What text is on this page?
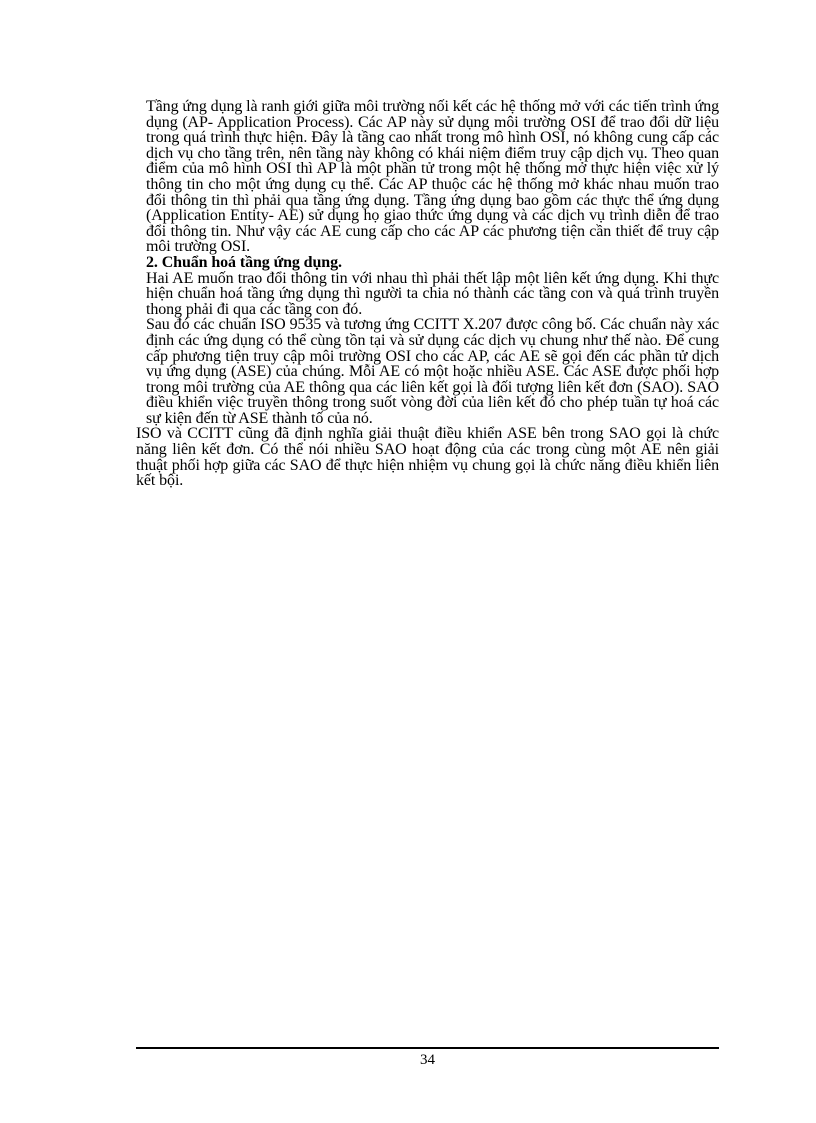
Tầng ứng dụng là ranh giới giữa môi trường nối kết các hệ thống mở với các tiến trình ứng dụng (AP- Application Process). Các AP này sử dụng môi trường OSI để trao đổi dữ liệu trong quá trình thực hiện. Đây là tầng cao nhất trong mô hình OSI, nó không cung cấp các dịch vụ cho tầng trên, nên tầng này không có khái niệm điểm truy cập dịch vụ. Theo quan điểm của mô hình OSI thì AP là một phần tử trong một hệ thống mở thực hiện việc xử lý thông tin cho một ứng dụng cụ thể. Các AP thuộc các hệ thống mở khác nhau muốn trao đổi thông tin thì phải qua tầng ứng dụng. Tầng ứng dụng bao gồm các thực thể ứng dụng (Application Entity- AE) sử dụng họ giao thức ứng dụng và các dịch vụ trình diễn để trao đổi thông tin. Như vậy các AE cung cấp cho các AP các phương tiện cần thiết để truy cập môi trường OSI.

2. Chuẩn hoá tầng ứng dụng.

Hai AE muốn trao đổi thông tin với nhau thì phải thết lập một liên kết ứng dụng. Khi thực hiện chuẩn hoá tầng ứng dụng thì người ta chia nó thành các tầng con và quá trình truyền thong phải đi qua các tầng con đó.

Sau đó các chuẩn ISO 9535 và tương ứng CCITT X.207 được công bố. Các chuẩn này xác định các ứng dụng có thể cùng tồn tại và sử dụng các dịch vụ chung như thế nào. Để cung cấp phương tiện truy cập môi trường OSI cho các AP, các AE sẽ gọi đến các phần tử dịch vụ ứng dụng (ASE) của chúng. Mỗi AE có một hoặc nhiều ASE. Các ASE được phối hợp trong môi trường của AE thông qua các liên kết gọi là đối tượng liên kết đơn (SAO). SAO điều khiển việc truyền thông trong suốt vòng đời của liên kết đó cho phép tuần tự hoá các sự kiện đến từ ASE thành tố của nó.

ISO và CCITT cũng đã định nghĩa giải thuật điều khiển ASE bên trong SAO gọi là chức năng liên kết đơn. Có thể nói nhiều SAO hoạt động của các trong cùng một AE nên giải thuật phối hợp giữa các SAO để thực hiện nhiệm vụ chung gọi là chức năng điều khiển liên kết bội.

34
